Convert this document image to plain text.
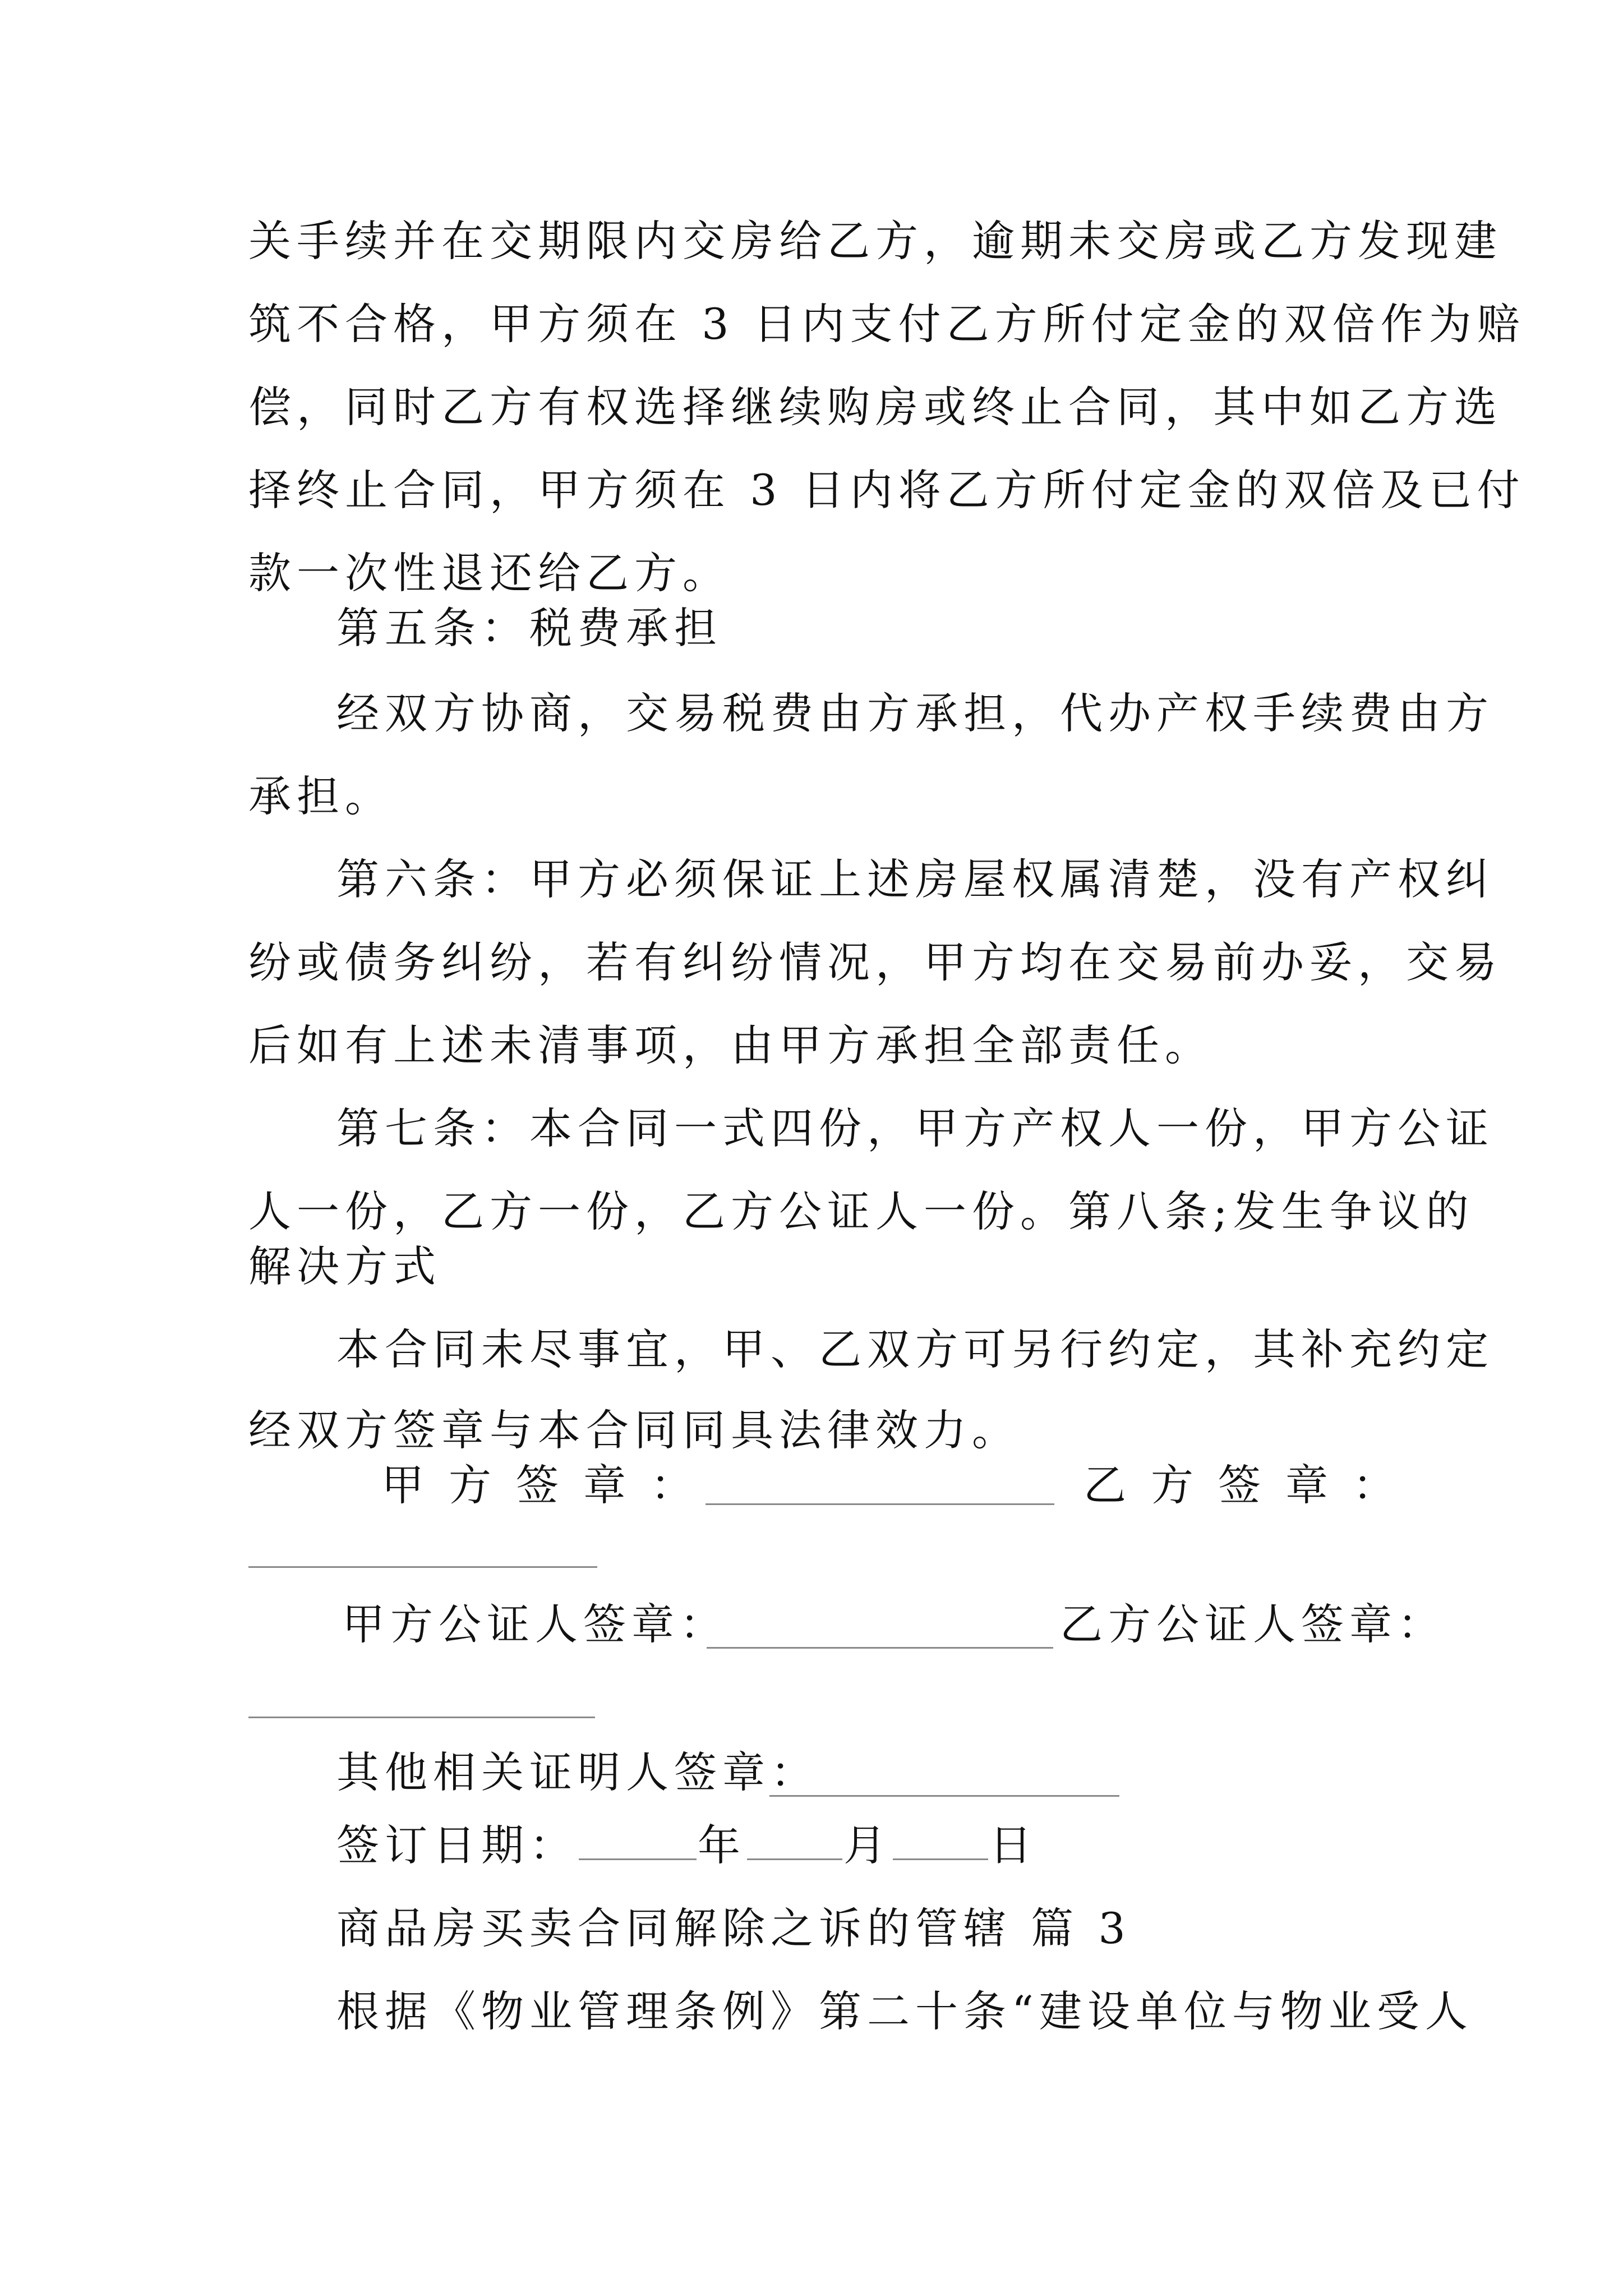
关手续并在交期限内交房给乙方，逾期未交房或乙方发现建
筑不合格，甲方须在 3 日内支付乙方所付定金的双倍作为赔
偿，同时乙方有权选择继续购房或终止合同，其中如乙方选
择终止合同，甲方须在 3 日内将乙方所付定金的双倍及已付
款一次性退还给乙方。
第五条：税费承担
经双方协商，交易税费由方承担，代办产权手续费由方
承担。
第六条：甲方必须保证上述房屋权属清楚，没有产权纠
纷或债务纠纷，若有纠纷情况，甲方均在交易前办妥，交易
后如有上述未清事项，由甲方承担全部责任。
第七条：本合同一式四份，甲方产权人一份，甲方公证
人一份，乙方一份，乙方公证人一份。第八条;发生争议的
解决方式
本合同未尽事宜，甲、乙双方可另行约定，其补充约定
经双方签章与本合同同具法律效力。
甲方签章：	乙方签章：
甲方公证人签章：	乙方公证人签章：
其他相关证明人签章：
签订日期：	年 月 日
商品房买卖合同解除之诉的管辖 篇 3
根据《物业管理条例》第二十条“建设单位与物业受人
